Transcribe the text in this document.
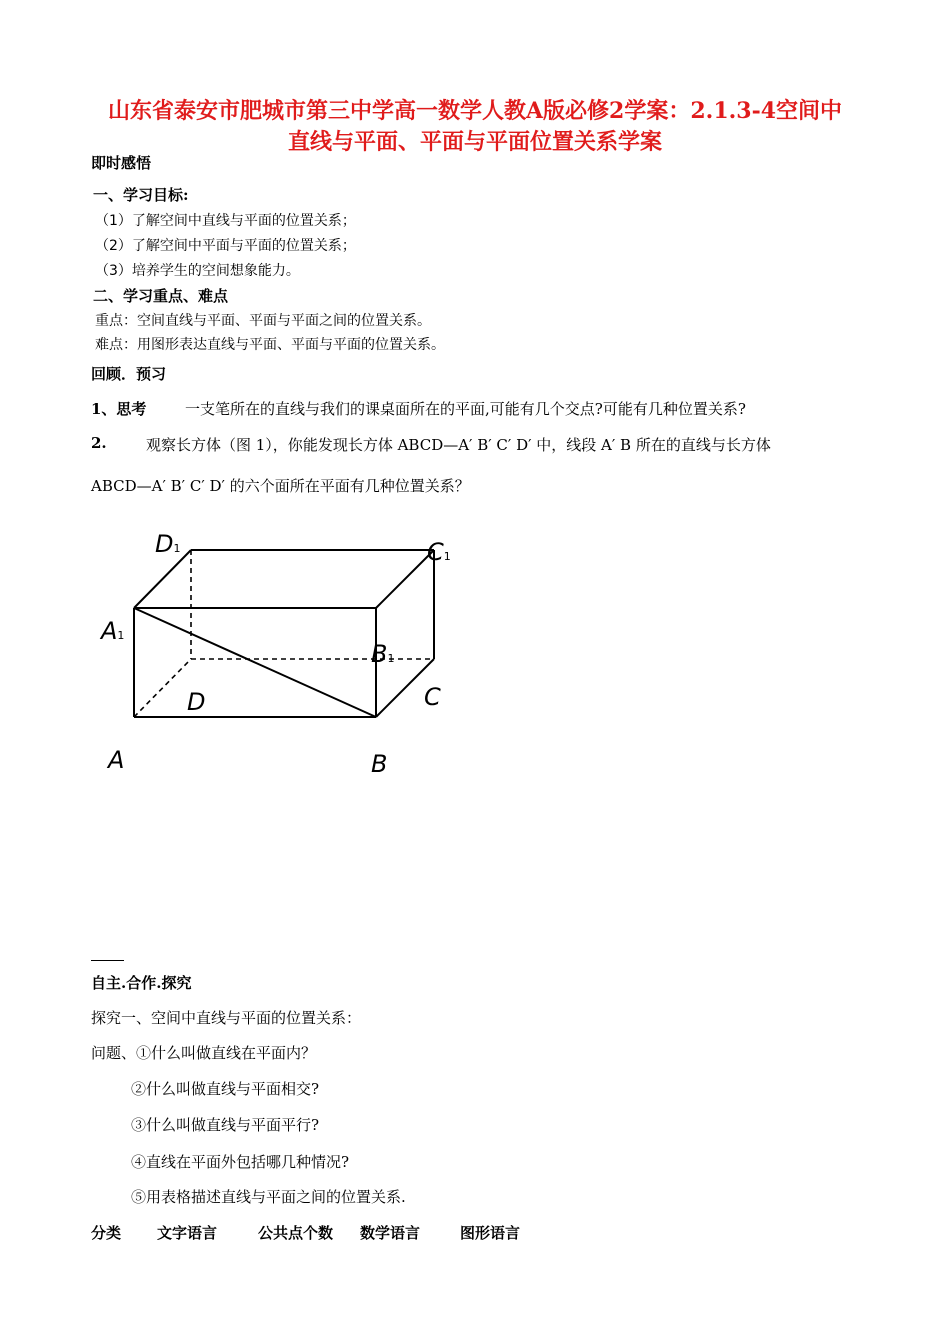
山东省泰安市肥城市第三中学高一数学人教A版必修2学案：2.1.3-4空间中
直线与平面、平面与平面位置关系学案
即时感悟
一、学习目标:
（1）了解空间中直线与平面的位置关系；
（2）了解空间中平面与平面的位置关系；
（3）培养学生的空间想象能力。
二、学习重点、难点
重点：空间直线与平面、平面与平面之间的位置关系。
难点：用图形表达直线与平面、平面与平面的位置关系。
回顾．预习
1、思考	一支笔所在的直线与我们的课桌面所在的平面,可能有几个交点?可能有几种位置关系?
2.	观察长方体（图 1），你能发现长方体 ABCD—A′ B′ C′ D′ 中，线段 A′ B 所在的直线与长方体
ABCD—A′ B′ C′ D′ 的六个面所在平面有几种位置关系？
D1	C1
A1
B1
D	C
A	B
自主.合作.探究
探究一、空间中直线与平面的位置关系：
问题、①什么叫做直线在平面内？
②什么叫做直线与平面相交?
③什么叫做直线与平面平行?
④直线在平面外包括哪几种情况?
⑤用表格描述直线与平面之间的位置关系.
分类 文字语言	公共点个数 数学语言	图形语言
